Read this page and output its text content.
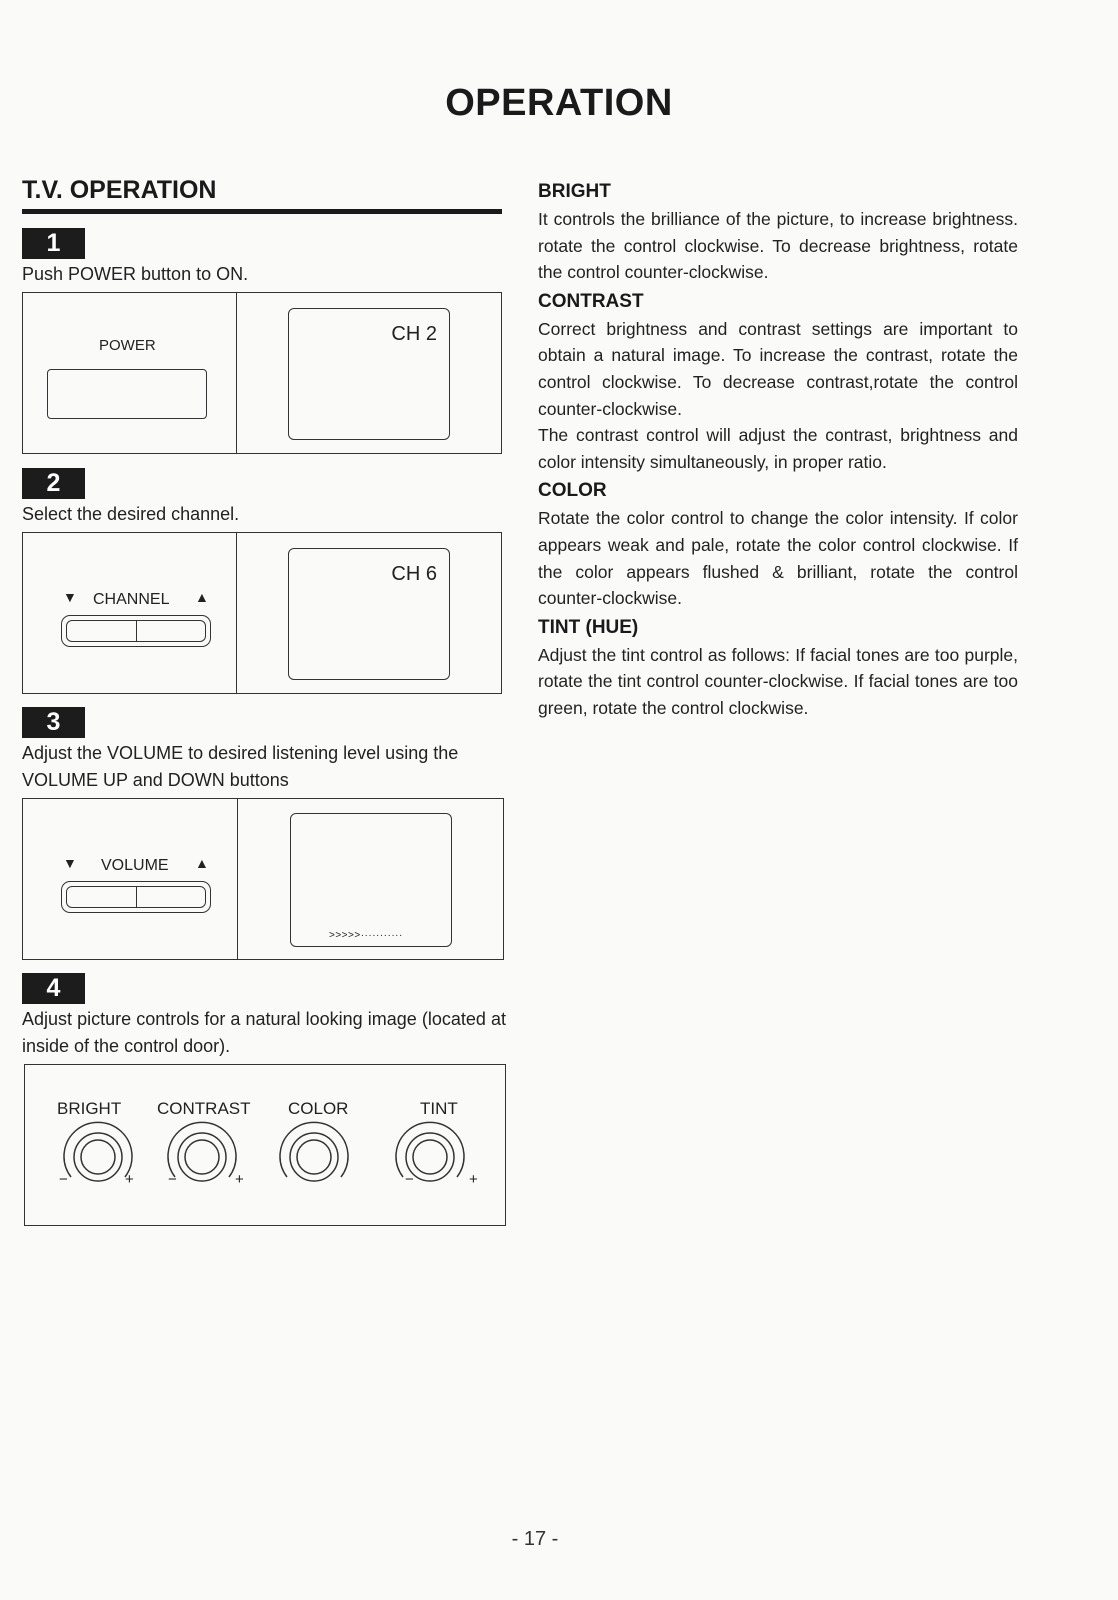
OPERATION
T.V. OPERATION
1
Push POWER button to ON.
POWER
CH 2
2
Select the desired channel.
▼ CHANNEL ▲
CH 6
3
Adjust the VOLUME to desired listening level using the VOLUME UP and DOWN buttons
▼ VOLUME ▲
>>>>>···········
4
Adjust picture controls for a natural looking image (located at inside of the control door).
BRIGHT CONTRAST COLOR	TINT
−	+ −	+	−	+
BRIGHT

It controls the brilliance of the picture, to increase brightness. rotate the control clockwise. To decrease brightness, rotate the control counter-clockwise.

CONTRAST

Correct brightness and contrast settings are important to obtain a natural image. To increase the contrast, rotate the control clockwise. To decrease contrast,rotate the control counter-clockwise.

The contrast control will adjust the contrast, brightness and color intensity simultaneously, in proper ratio.

COLOR

Rotate the color control to change the color intensity. If color appears weak and pale, rotate the color control clockwise. If the color appears flushed & brilliant, rotate the control counter-clockwise.

TINT (HUE)

Adjust the tint control as follows: If facial tones are too purple, rotate the tint control counter-clockwise. If facial tones are too green, rotate the control clockwise.

- 17 -
